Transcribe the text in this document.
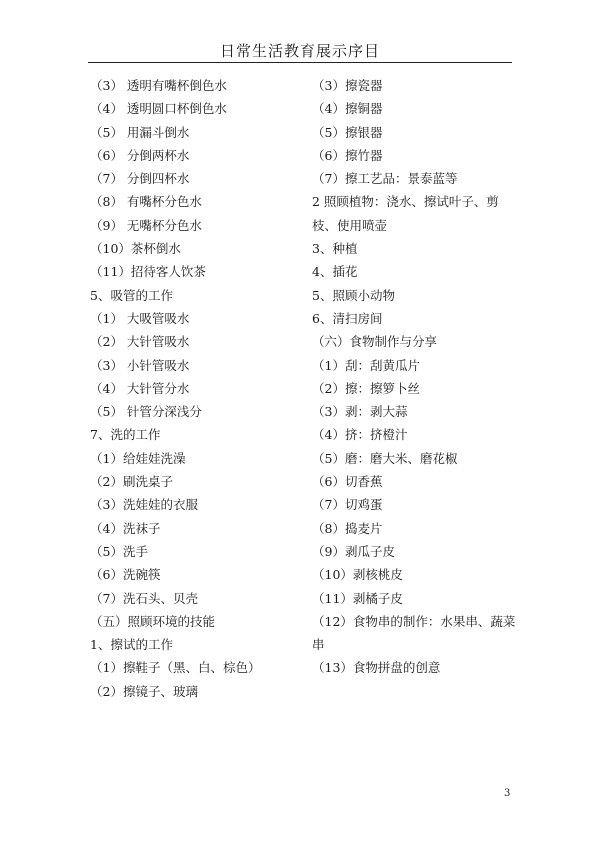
日常生活教育展示序目
（3） 透明有嘴杯倒色水
（4） 透明圆口杯倒色水
（5） 用漏斗倒水
（6） 分倒两杯水
（7） 分倒四杯水
（8） 有嘴杯分色水
（9） 无嘴杯分色水
（10）茶杯倒水
（11）招待客人饮茶
5、吸管的工作
（1） 大吸管吸水
（2） 大针管吸水
（3） 小针管吸水
（4） 大针管分水
（5） 针管分深浅分
7、洗的工作
（1）给娃娃洗澡
（2）刷洗桌子
（3）洗娃娃的衣服
（4）洗袜子
（5）洗手
（6）洗碗筷
（7）洗石头、贝壳
（五）照顾环境的技能
1、擦试的工作
（1）擦鞋子（黑、白、棕色）
（2）擦镜子、玻璃
（3）擦瓷器
（4）擦铜器
（5）擦银器
（6）擦竹器
（7）擦工艺品：景泰蓝等
2 照顾植物：浇水、擦试叶子、剪枝、使用喷壶
3、种植
4、插花
5、照顾小动物
6、清扫房间
（六）食物制作与分享
（1）刮：刮黄瓜片
（2）擦：擦箩卜丝
（3）剥：剥大蒜
（4）挤：挤橙汁
（5）磨：磨大米、磨花椒
（6）切香蕉
（7）切鸡蛋
（8）捣麦片
（9）剥瓜子皮
（10）剥核桃皮
（11）剥橘子皮
（12）食物串的制作：水果串、蔬菜串
（13）食物拼盘的创意
3
